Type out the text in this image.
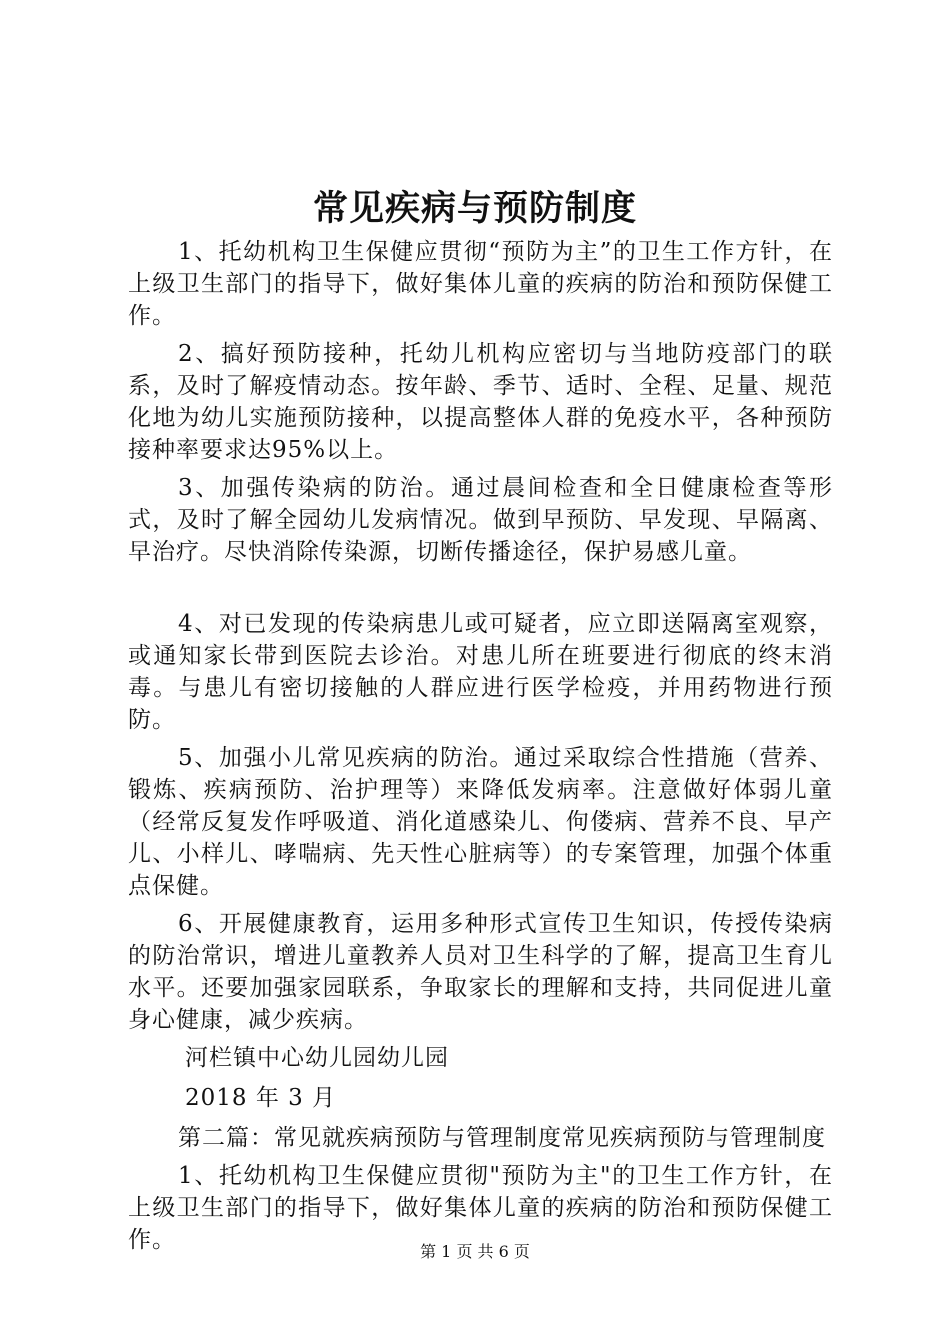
常见疾病与预防制度

1、托幼机构卫生保健应贯彻“预防为主”的卫生工作方针，在上级卫生部门的指导下，做好集体儿童的疾病的防治和预防保健工作。

2、搞好预防接种，托幼儿机构应密切与当地防疫部门的联系，及时了解疫情动态。按年龄、季节、适时、全程、足量、规范化地为幼儿实施预防接种，以提高整体人群的免疫水平，各种预防接种率要求达95%以上。

3、加强传染病的防治。通过晨间检查和全日健康检查等形式，及时了解全园幼儿发病情况。做到早预防、早发现、早隔离、早治疗。尽快消除传染源，切断传播途径，保护易感儿童。

4、对已发现的传染病患儿或可疑者，应立即送隔离室观察，或通知家长带到医院去诊治。对患儿所在班要进行彻底的终末消毒。与患儿有密切接触的人群应进行医学检疫，并用药物进行预防。

5、加强小儿常见疾病的防治。通过采取综合性措施（营养、锻炼、疾病预防、治护理等）来降低发病率。注意做好体弱儿童（经常反复发作呼吸道、消化道感染儿、佝偻病、营养不良、早产儿、小样儿、哮喘病、先天性心脏病等）的专案管理，加强个体重点保健。

6、开展健康教育，运用多种形式宣传卫生知识，传授传染病的防治常识，增进儿童教养人员对卫生科学的了解，提高卫生育儿水平。还要加强家园联系，争取家长的理解和支持，共同促进儿童身心健康，减少疾病。

河栏镇中心幼儿园幼儿园
2018 年 3 月

第二篇：常见就疾病预防与管理制度常见疾病预防与管理制度

1、托幼机构卫生保健应贯彻"预防为主"的卫生工作方针，在上级卫生部门的指导下，做好集体儿童的疾病的防治和预防保健工作。	第 1 页 共 6 页
